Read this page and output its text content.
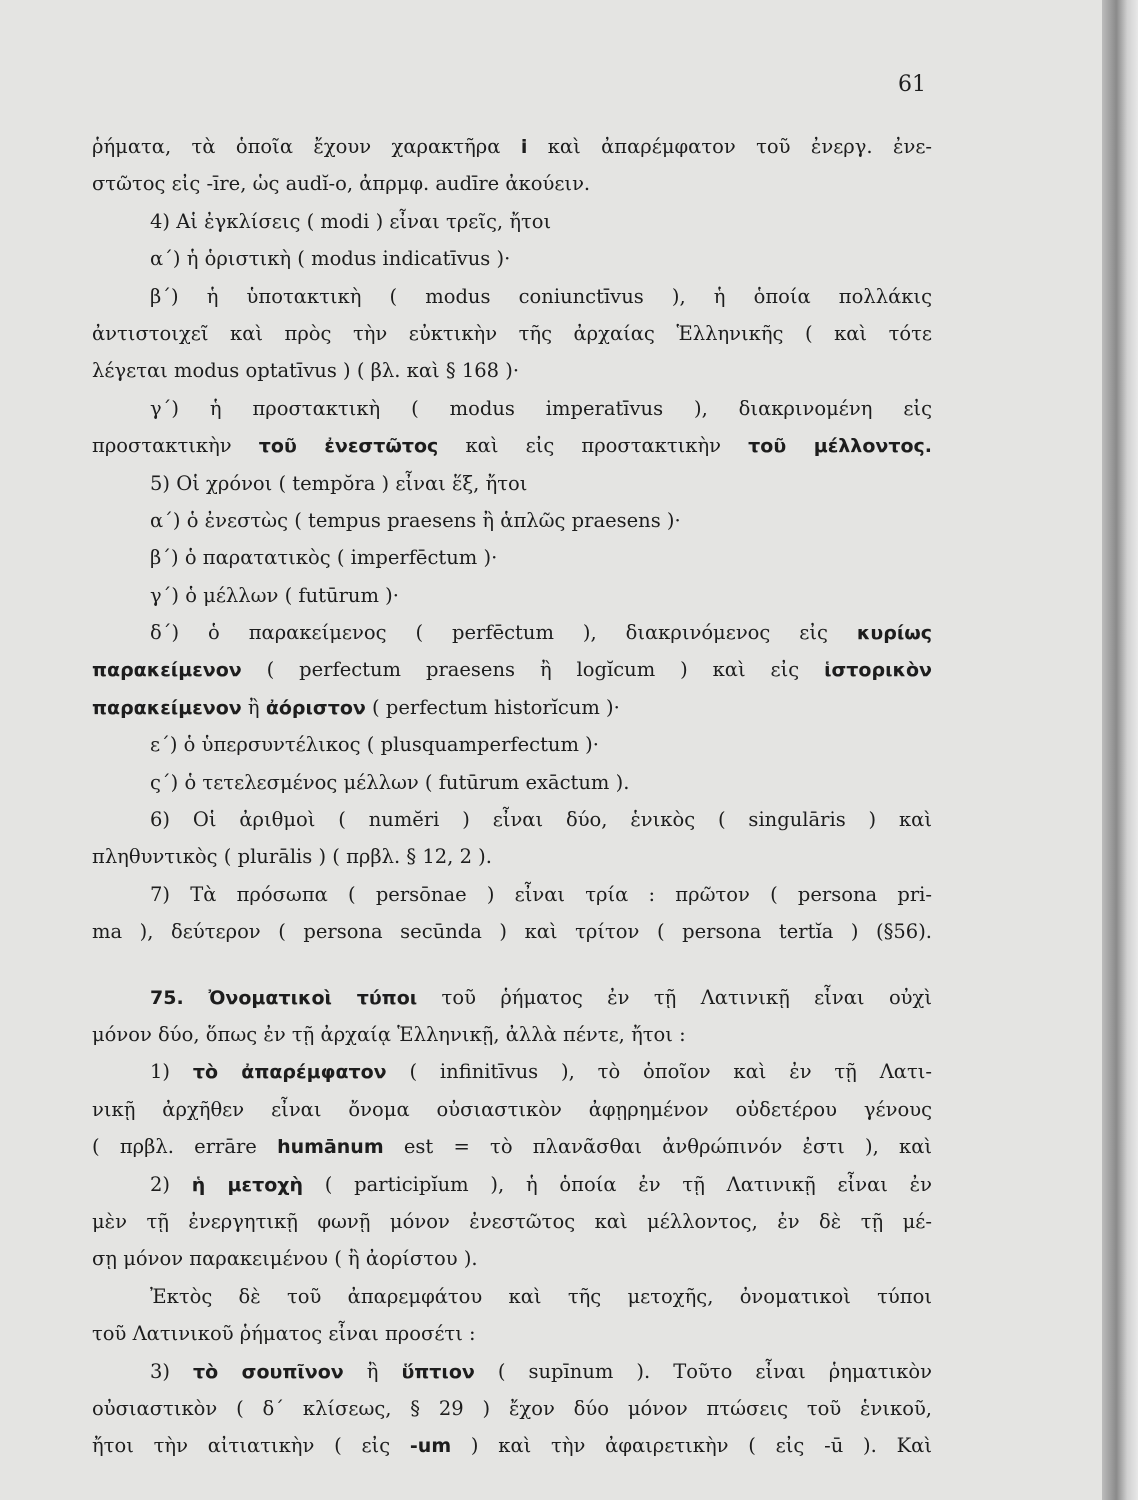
61
ῥήματα, τὰ ὁποῖα ἔχουν χαρακτῆρα i καὶ ἀπαρέμφατον τοῦ ἐνεργ. ἐνε-
στῶτος εἰς -īre, ὡς audĭ-o, ἀπρμφ. audīre ἀκούειν.
4) Αἱ ἐγκλίσεις ( modi ) εἶναι τρεῖς, ἤτοι
α΄) ἡ ὁριστικὴ ( modus indicatīvus )·
β΄) ἡ ὑποτακτικὴ ( modus coniunctīvus ), ἡ ὁποία πολλάκις
ἀντιστοιχεῖ καὶ πρὸς τὴν εὐκτικὴν τῆς ἀρχαίας Ἑλληνικῆς ( καὶ τότε
λέγεται modus optatīvus ) ( βλ. καὶ § 168 )·
γ΄) ἡ προστακτικὴ ( modus imperatīvus ), διακρινομένη εἰς
προστακτικὴν τοῦ ἐνεστῶτος καὶ εἰς προστακτικὴν τοῦ μέλλοντος.
5) Οἱ χρόνοι ( tempŏra ) εἶναι ἕξ, ἤτοι
α΄) ὁ ἐνεστὼς ( tempus praesens ἢ ἁπλῶς praesens )·
β΄) ὁ παρατατικὸς ( imperfēctum )·
γ΄) ὁ μέλλων ( futūrum )·
δ΄) ὁ παρακείμενος ( perfēctum ), διακρινόμενος εἰς κυρίως
παρακείμενον ( perfectum praesens ἢ logĭcum ) καὶ εἰς ἱστορικὸν
παρακείμενον ἢ ἀόριστον ( perfectum historĭcum )·
ε΄) ὁ ὑπερσυντέλικος ( plusquamperfectum )·
ς΄) ὁ τετελεσμένος μέλλων ( futūrum exāctum ).
6) Οἱ ἀριθμοὶ ( numĕri ) εἶναι δύο, ἑνικὸς ( singulāris ) καὶ
πληθυντικὸς ( plurālis ) ( πρβλ. § 12, 2 ).
7) Τὰ πρόσωπα ( persōnae ) εἶναι τρία : πρῶτον ( persona pri-
ma ), δεύτερον ( persona secūnda ) καὶ τρίτον ( persona tertĭa ) (§56).
75. Ὀνοματικοὶ τύποι τοῦ ῥήματος ἐν τῇ Λατινικῇ εἶναι οὐχὶ
μόνον δύο, ὅπως ἐν τῇ ἀρχαίᾳ Ἑλληνικῇ, ἀλλὰ πέντε, ἤτοι :
1) τὸ ἀπαρέμφατον ( infinitīvus ), τὸ ὁποῖον καὶ ἐν τῇ Λατι-
νικῇ ἀρχῆθεν εἶναι ὄνομα οὐσιαστικὸν ἀφῃρημένον οὐδετέρου γένους
( πρβλ. errāre humānum est = τὸ πλανᾶσθαι ἀνθρώπινόν ἐστι ), καὶ
2) ἡ μετοχὴ ( participĭum ), ἡ ὁποία ἐν τῇ Λατινικῇ εἶναι ἐν
μὲν τῇ ἐνεργητικῇ φωνῇ μόνον ἐνεστῶτος καὶ μέλλοντος, ἐν δὲ τῇ μέ-
σῃ μόνον παρακειμένου ( ἢ ἀορίστου ).
Ἐκτὸς δὲ τοῦ ἀπαρεμφάτου καὶ τῆς μετοχῆς, ὀνοματικοὶ τύποι
τοῦ Λατινικοῦ ῥήματος εἶναι προσέτι :
3) τὸ σουπῖνον ἢ ὕπτιον ( supīnum ). Τοῦτο εἶναι ῥηματικὸν
οὐσιαστικὸν ( δ΄ κλίσεως, § 29 ) ἔχον δύο μόνον πτώσεις τοῦ ἑνικοῦ,
ἤτοι τὴν αἰτιατικὴν ( εἰς -um ) καὶ τὴν ἀφαιρετικὴν ( εἰς -ū ). Καὶ
